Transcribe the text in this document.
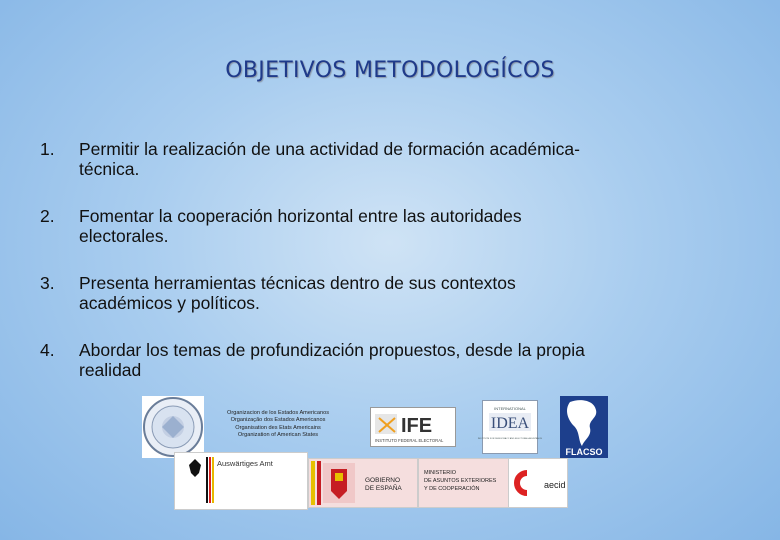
OBJETIVOS METODOLOGÍCOS
1. Permitir la realización de una actividad de formación académica-
técnica.
2. Fomentar la cooperación horizontal entre las autoridades
electorales.
3. Presenta herramientas técnicas dentro de sus contextos
académicos y políticos.
4. Abordar los temas de profundización propuestos, desde la propia
realidad
Organizacion de los Estados Americanos
Organização dos Estados Americanos
Organisation des Etats Americains
Organization of American States	IFE
INSTITUTO FEDERAL ELECTORAL
INTERNATIONAL
IDEA
INSTITUTE FOR DEMOCRACY AND ELECTORAL ASSISTANCE
FLACSO
Auswärtiges Amt
GOBIERNO
DE ESPAÑA
MINISTERIO
DE ASUNTOS EXTERIORES
Y DE COOPERACIÓN	aecid
